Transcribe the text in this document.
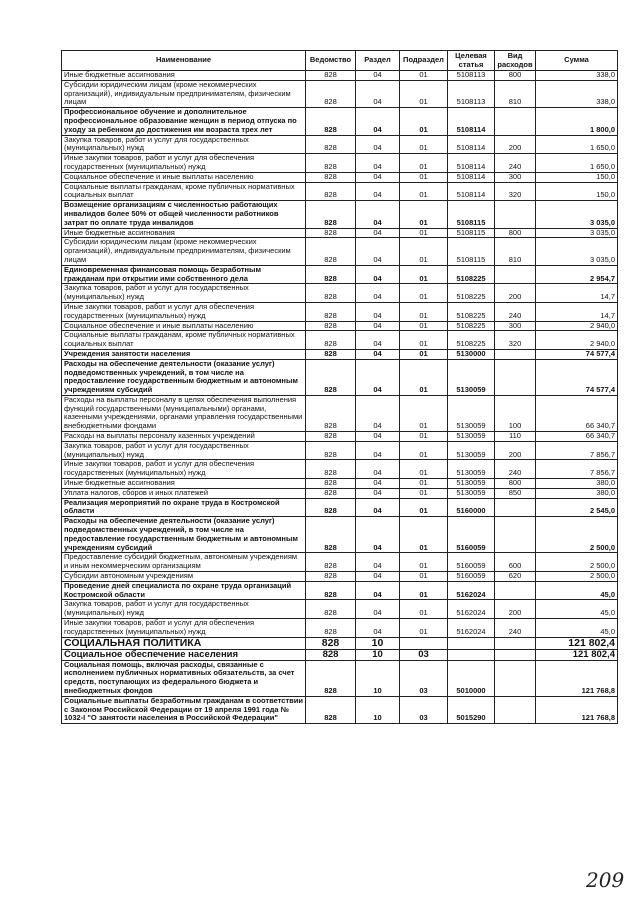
Наименование	Ведомство	Раздел	Подраздел	Целевая статья	Вид расходов	Сумма
Иные бюджетные ассигнования	828	04	01	5108113	800	338,0
Субсидии юридическим лицам (кроме некоммерческих организаций), индивидуальным предпринимателям, физическим лицам	828	04	01	5108113	810	338,0
Профессиональное обучение и дополнительное профессиональное образование женщин в период отпуска по уходу за ребенком до достижения им возраста трех лет	828	04	01	5108114		1 800,0
Закупка товаров, работ и услуг для государственных (муниципальных) нужд	828	04	01	5108114	200	1 650,0
Иные закупки товаров, работ и услуг для обеспечения государственных (муниципальных) нужд	828	04	01	5108114	240	1 650,0
Социальное обеспечение и иные выплаты населению	828	04	01	5108114	300	150,0
Социальные выплаты гражданам, кроме публичных нормативных социальных выплат	828	04	01	5108114	320	150,0
Возмещение организациям с численностью работающих инвалидов более 50% от общей численности работников затрат по оплате труда инвалидов	828	04	01	5108115		3 035,0
Иные бюджетные ассигнования	828	04	01	5108115	800	3 035,0
Субсидии юридическим лицам (кроме некоммерческих организаций), индивидуальным предпринимателям, физическим лицам	828	04	01	5108115	810	3 035,0
Единовременная финансовая помощь безработным гражданам при открытии ими собственного дела	828	04	01	5108225		2 954,7
Закупка товаров, работ и услуг для государственных (муниципальных) нужд	828	04	01	5108225	200	14,7
Иные закупки товаров, работ и услуг для обеспечения государственных (муниципальных) нужд	828	04	01	5108225	240	14,7
Социальное обеспечение и иные выплаты населению	828	04	01	5108225	300	2 940,0
Социальные выплаты гражданам, кроме публичных нормативных социальных выплат	828	04	01	5108225	320	2 940,0
Учреждения занятости населения	828	04	01	5130000		74 577,4
Расходы на обеспечение деятельности (оказание услуг) подведомственных учреждений, в том числе на предоставление государственным бюджетным и автономным учреждениям субсидий	828	04	01	5130059		74 577,4
Расходы на выплаты персоналу в целях обеспечения выполнения функций государственными (муниципальными) органами, казенными учреждениями, органами управления государственными внебюджетными фондами	828	04	01	5130059	100	66 340,7
Расходы на выплаты персоналу казенных учреждений	828	04	01	5130059	110	66 340,7
Закупка товаров, работ и услуг для государственных (муниципальных) нужд	828	04	01	5130059	200	7 856,7
Иные закупки товаров, работ и услуг для обеспечения государственных (муниципальных) нужд	828	04	01	5130059	240	7 856,7
Иные бюджетные ассигнования	828	04	01	5130059	800	380,0
Уплата налогов, сборов и иных платежей	828	04	01	5130059	850	380,0
Реализация мероприятий по охране труда в Костромской области	828	04	01	5160000		2 545,0
Расходы на обеспечение деятельности (оказание услуг) подведомственных учреждений, в том числе на предоставление государственным бюджетным и автономным учреждениям субсидий	828	04	01	5160059		2 500,0
Предоставление субсидий бюджетным, автономным учреждениям и иным некоммерческим организациям	828	04	01	5160059	600	2 500,0
Субсидии автономным учреждениям	828	04	01	5160059	620	2 500,0
Проведение дней специалиста по охране труда организаций Костромской области	828	04	01	5162024		45,0
Закупка товаров, работ и услуг для государственных (муниципальных) нужд	828	04	01	5162024	200	45,0
Иные закупки товаров, работ и услуг для обеспечения государственных (муниципальных) нужд	828	04	01	5162024	240	45,0
СОЦИАЛЬНАЯ ПОЛИТИКА	828	10				121 802,4
Социальное обеспечение населения	828	10	03			121 802,4
Социальная помощь, включая расходы, связанные с исполнением публичных нормативных обязательств, за счет средств, поступающих из федерального бюджета и внебюджетных фондов	828	10	03	5010000		121 768,8
Социальные выплаты безработным гражданам в соответствии с Законом Российской Федерации от 19 апреля 1991 года № 1032-I "О занятости населения в Российской Федерации"	828	10	03	5015290		121 768,8
209
